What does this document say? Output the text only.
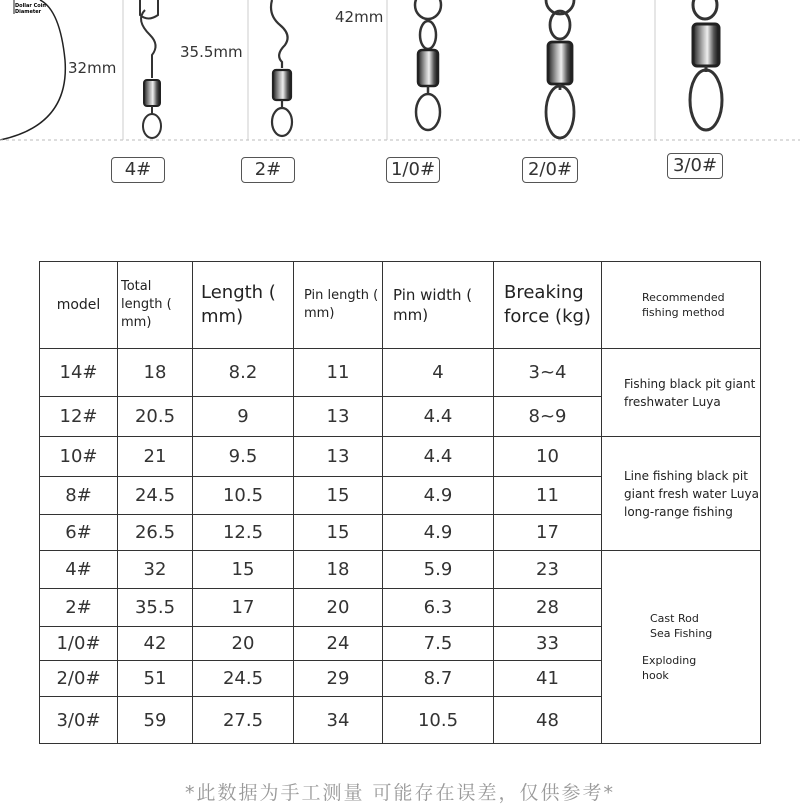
Dollar Coin Diameter
32mm
35.5mm
42mm
4#	2#	1/0#	2/0#	3/0#
model	Total length ( mm)	Length ( mm)	Pin length ( mm)	Pin width ( mm)	Breaking force (kg)	Recommended fishing method
14#	18	8.2	11	4	3~4	Fishing black pit giant freshwater Luya
12#	20.5	9	13	4.4	8~9	
10#	21	9.5	13	4.4	10	Line fishing black pit giant fresh water Luya long-range fishing
8#	24.5	10.5	15	4.9	11	
6#	26.5	12.5	15	4.9	17	
4#	32	15	18	5.9	23	Cast Rod Sea Fishing
Exploding hook

2#	35.5	17	20	6.3	28	
1/0#	42	20	24	7.5	33	
2/0#	51	24.5	29	8.7	41	
3/0#	59	27.5	34	10.5	48	
*此数据为手工测量 可能存在误差，仅供参考*
